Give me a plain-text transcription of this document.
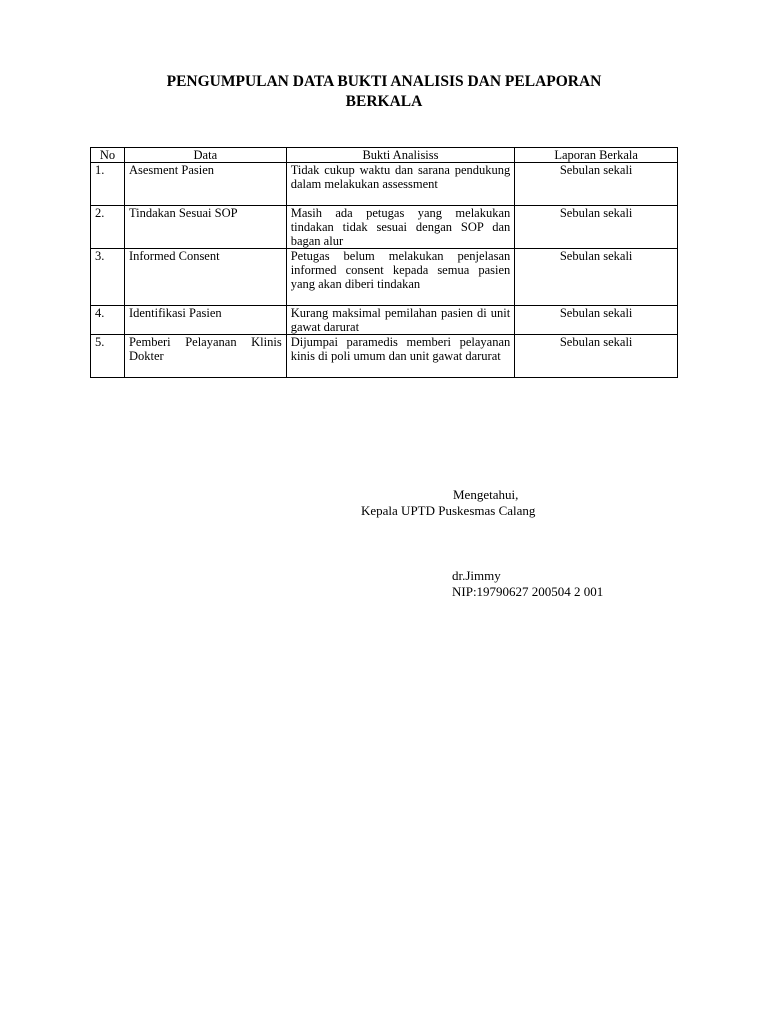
PENGUMPULAN DATA BUKTI ANALISIS DAN PELAPORAN
BERKALA
No	Data	Bukti Analisiss	Laporan Berkala
1.	Asesment Pasien	Tidak cukup waktu dan sarana pendukung dalam melakukan assessment	Sebulan sekali
2.	Tindakan Sesuai SOP	Masih ada petugas yang melakukan tindakan tidak sesuai dengan SOP dan bagan alur	Sebulan sekali
3.	Informed Consent	Petugas belum melakukan penjelasan informed consent kepada semua pasien yang akan diberi tindakan	Sebulan sekali
4.	Identifikasi Pasien	Kurang maksimal pemilahan pasien di unit gawat darurat	Sebulan sekali
5.	Pemberi Pelayanan Klinis Dokter	Dijumpai paramedis memberi pelayanan kinis di poli umum dan unit gawat darurat	Sebulan sekali
Mengetahui,
Kepala UPTD Puskesmas Calang
dr.Jimmy
NIP:19790627 200504 2 001
